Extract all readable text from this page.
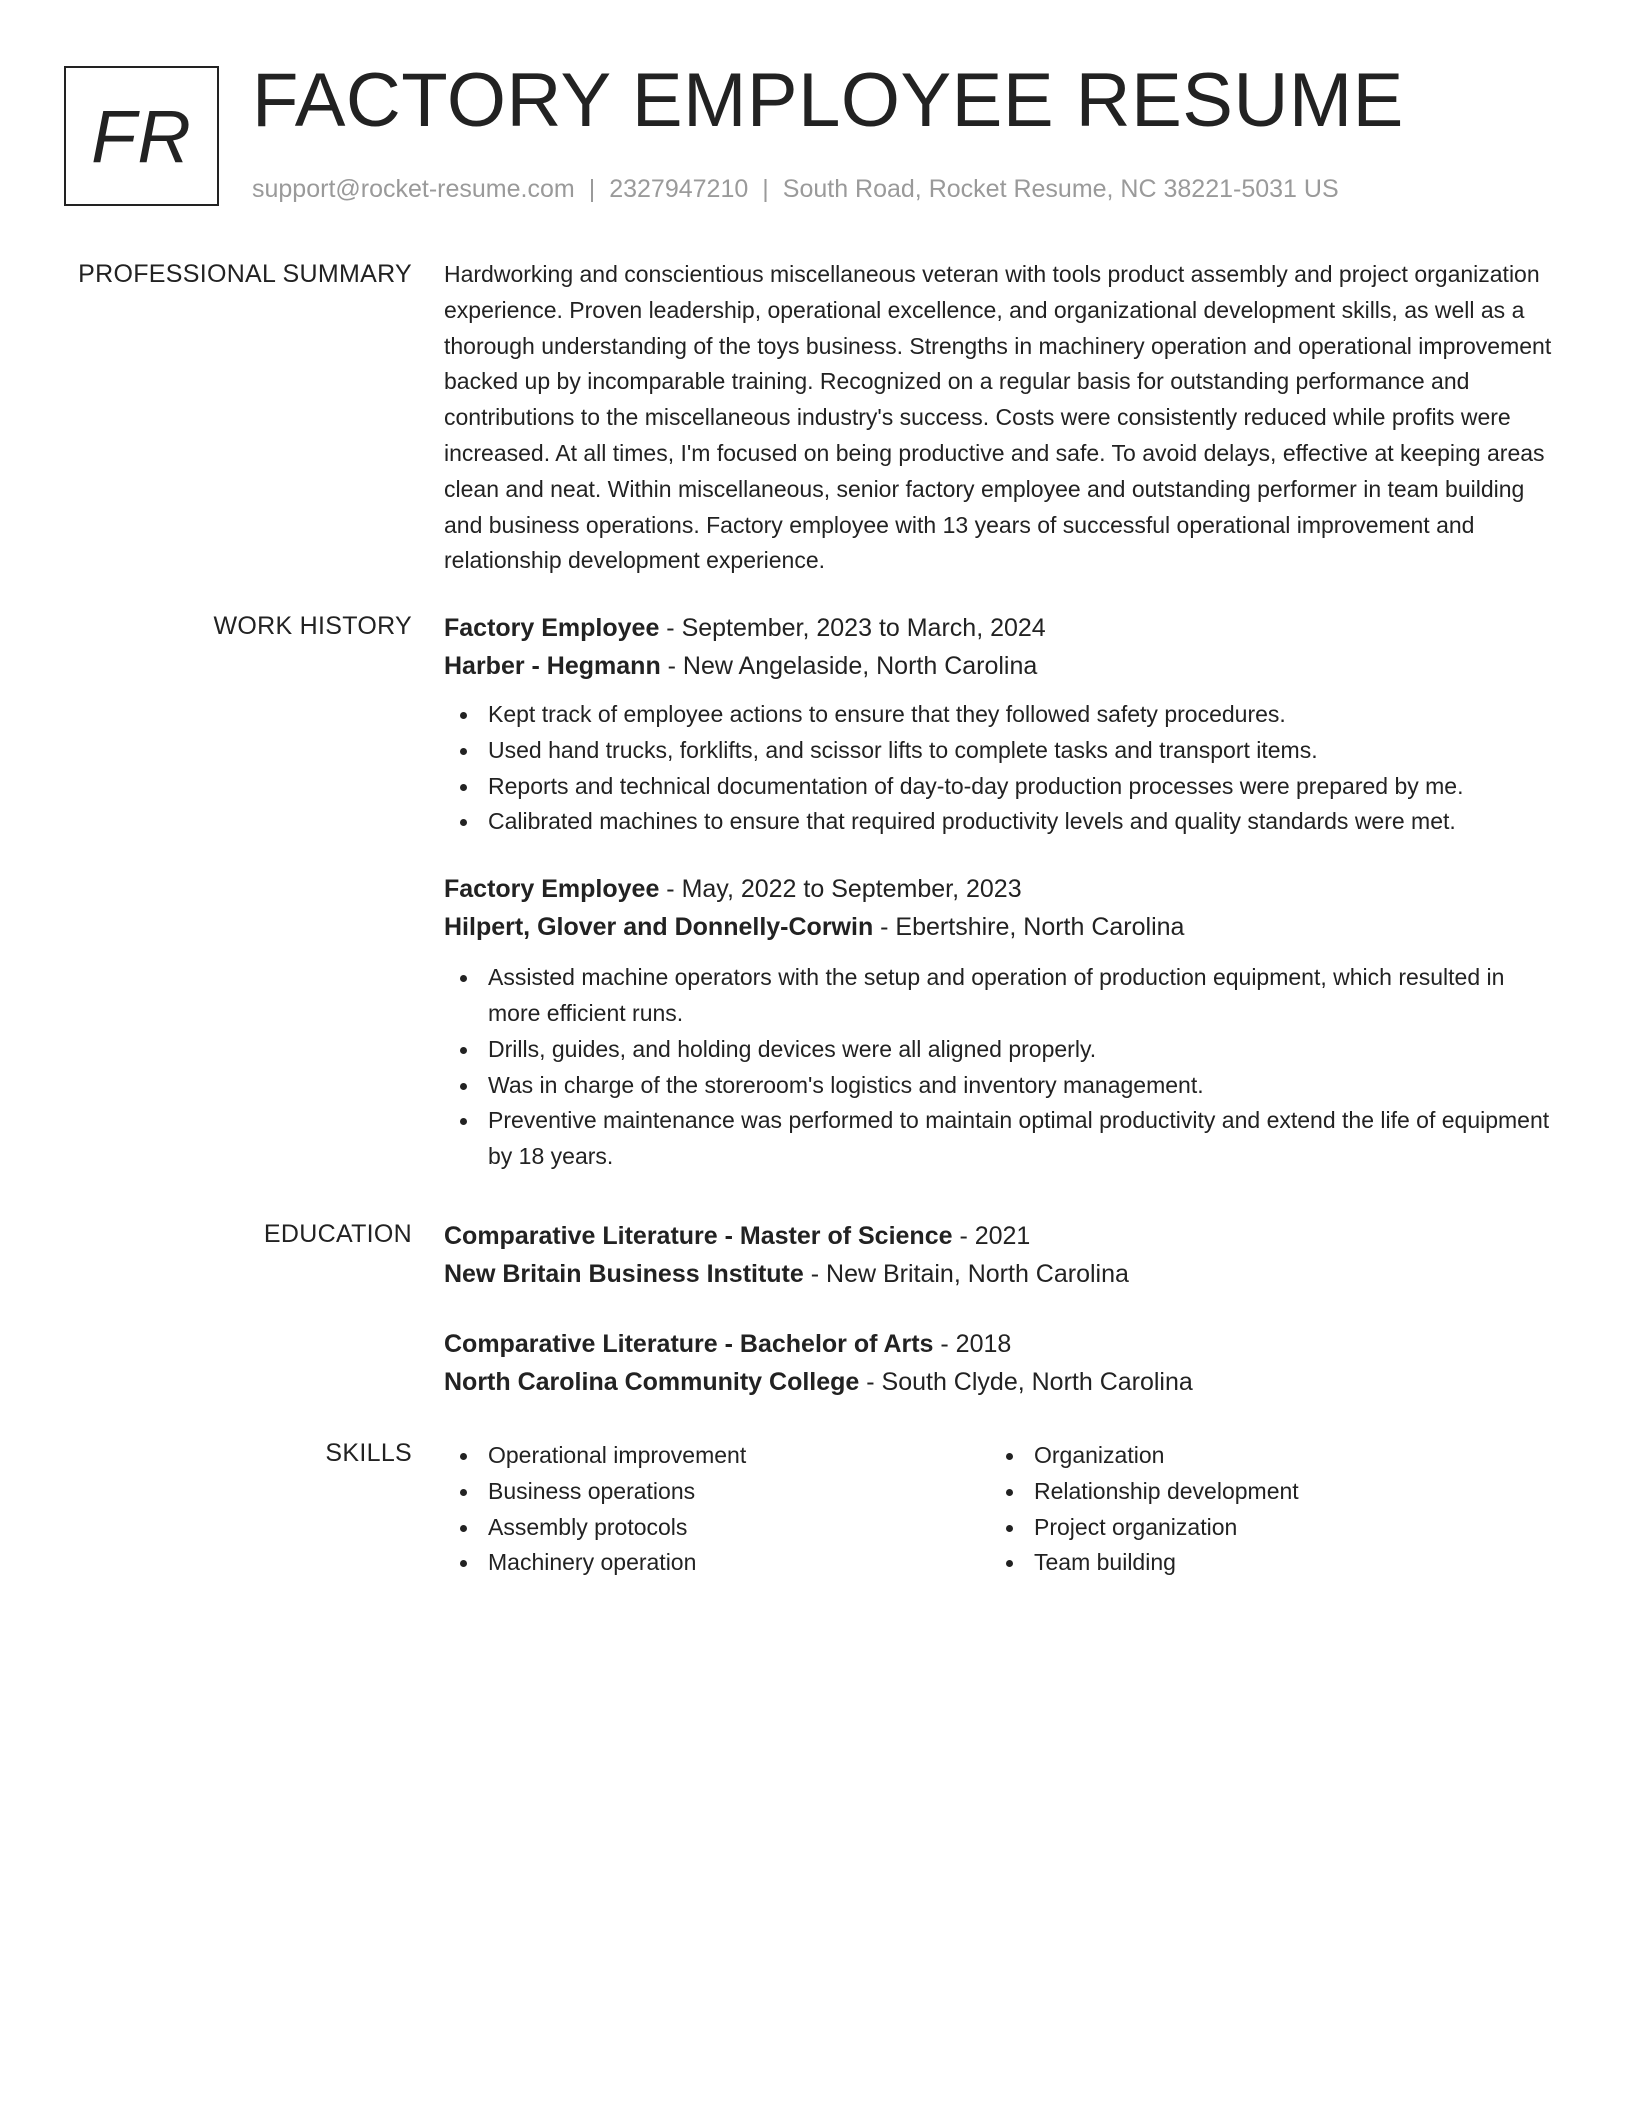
FR FACTORY EMPLOYEE RESUME
support@rocket-resume.com | 2327947210 | South Road, Rocket Resume, NC 38221-5031 US
PROFESSIONAL SUMMARY Hardworking and conscientious miscellaneous veteran with tools product assembly and project organization experience. Proven leadership, operational excellence, and organizational development skills, as well as a thorough understanding of the toys business. Strengths in machinery operation and operational improvement backed up by incomparable training. Recognized on a regular basis for outstanding performance and contributions to the miscellaneous industry's success. Costs were consistently reduced while profits were increased. At all times, I'm focused on being productive and safe. To avoid delays, effective at keeping areas clean and neat. Within miscellaneous, senior factory employee and outstanding performer in team building and business operations. Factory employee with 13 years of successful operational improvement and relationship development experience.

WORK HISTORY Factory Employee - September, 2023 to March, 2024

Harber - Hegmann - New Angelaside, North Carolina

Kept track of employee actions to ensure that they followed safety procedures.
Used hand trucks, forklifts, and scissor lifts to complete tasks and transport items.
Reports and technical documentation of day-to-day production processes were prepared by me.
Calibrated machines to ensure that required productivity levels and quality standards were met.

Factory Employee - May, 2022 to September, 2023

Hilpert, Glover and Donnelly-Corwin - Ebertshire, North Carolina

Assisted machine operators with the setup and operation of production equipment, which resulted in more efficient runs.
Drills, guides, and holding devices were all aligned properly.
Was in charge of the storeroom's logistics and inventory management.
Preventive maintenance was performed to maintain optimal productivity and extend the life of equipment by 18 years.
EDUCATION Comparative Literature - Master of Science - 2021

New Britain Business Institute - New Britain, North Carolina

Comparative Literature - Bachelor of Arts - 2018

North Carolina Community College - South Clyde, North Carolina

SKILLS	Operational improvement	Organization
Business operations	Relationship development
Assembly protocols	Project organization
Machinery operation	Team building
